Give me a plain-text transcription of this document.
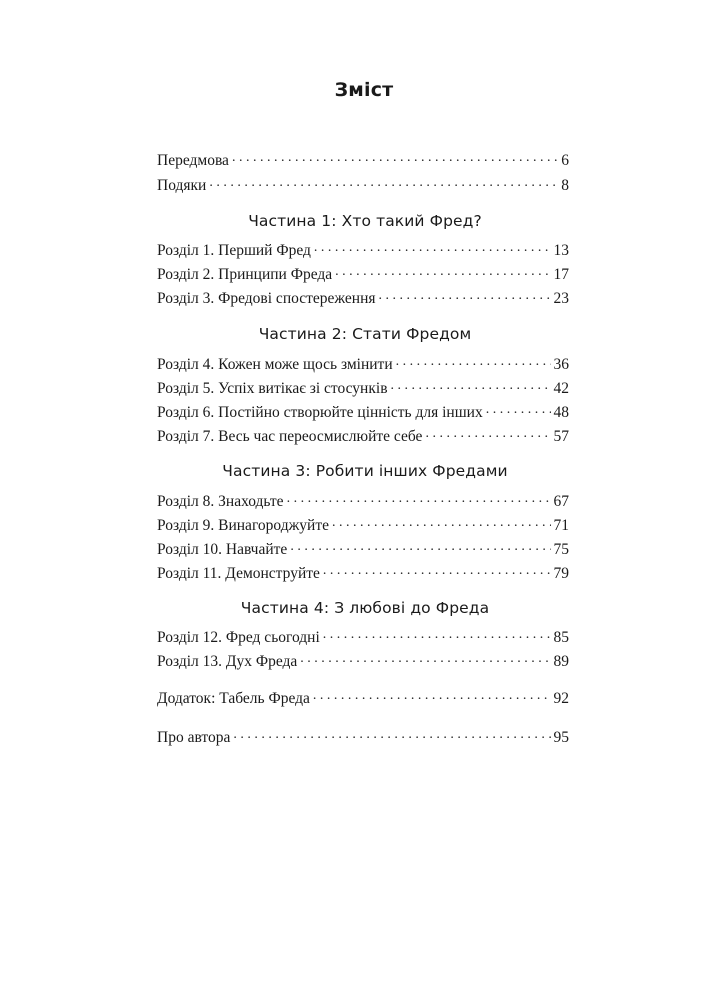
Зміст
Передмова . . .	6
Подяки . . .	8
Частина 1: Хто такий Фред?
Розділ 1. Перший Фред . . .	13
Розділ 2. Принципи Фреда . . .	17
Розділ 3. Фредові спостереження . . .	23
Частина 2: Стати Фредом
Розділ 4. Кожен може щось змінити . . .	36
Розділ 5. Успіх витікає зі стосунків . . .	42
Розділ 6. Постійно створюйте цінність для інших . . .	48
Розділ 7. Весь час переосмислюйте себе . . .	57
Частина 3: Робити інших Фредами
Розділ 8. Знаходьте . . .	67
Розділ 9. Винагороджуйте . . .	71
Розділ 10. Навчайте . . .	75
Розділ 11. Демонструйте . . .	79
Частина 4: З любові до Фреда
Розділ 12. Фред сьогодні . . .	85
Розділ 13. Дух Фреда . . .	89
Додаток: Табель Фреда . . .	92
Про автора . . .	95
